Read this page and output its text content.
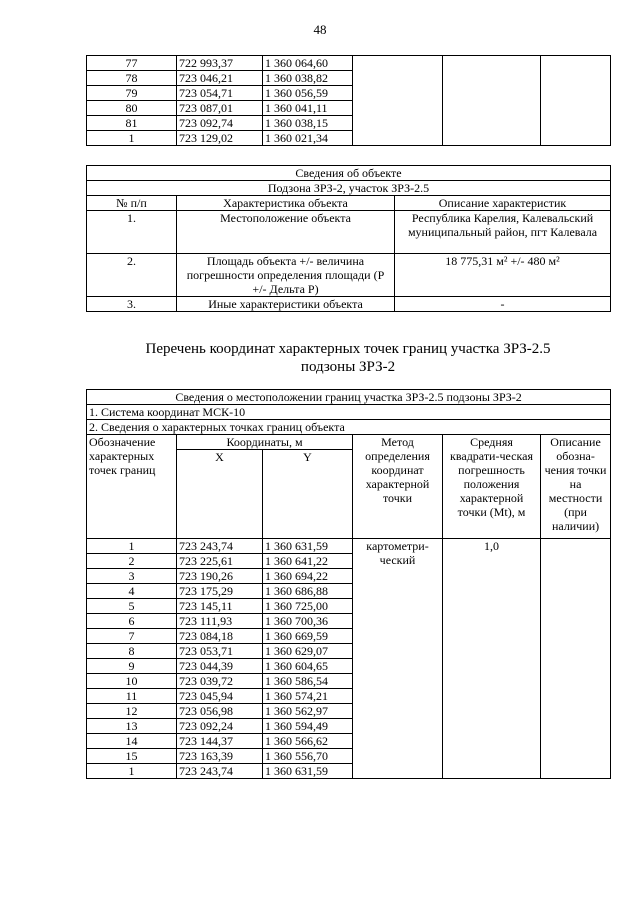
48
77	722 993,37	1 360 064,60			
78	723 046,21	1 360 038,82			
79	723 054,71	1 360 056,59			
80	723 087,01	1 360 041,11			
81	723 092,74	1 360 038,15			
1	723 129,02	1 360 021,34			
Сведения об объекте		
Подзона ЗРЗ-2, участок ЗРЗ-2.5		
№ п/п	Характеристика объекта	Описание характеристик
1.	Местоположение объекта	Республика Карелия, Калевальский муниципальный район, пгт Калевала
2.	Площадь объекта +/- величина погрешности определения площади (Р +/- Дельта Р)	18 775,31 м² +/- 480 м²
3.	Иные характеристики объекта	-
Перечень координат характерных точек границ участка ЗРЗ-2.5
подзоны ЗРЗ-2
Сведения о местоположении границ участка ЗРЗ-2.5 подзоны ЗРЗ-2					
1. Система координат МСК-10					
2. Сведения о характерных точках границ объекта					
Обозначение характерных точек границ	Координаты, м		Метод определения координат характерной точки	Средняя квадрати-ческая погрешность положения характерной точки (Mt), м	Описание обозна-чения точки на местности (при наличии)
	X	Y			
1	723 243,74	1 360 631,59	картометри-ческий	1,0	
2	723 225,61	1 360 641,22			
3	723 190,26	1 360 694,22			
4	723 175,29	1 360 686,88			
5	723 145,11	1 360 725,00			
6	723 111,93	1 360 700,36			
7	723 084,18	1 360 669,59			
8	723 053,71	1 360 629,07			
9	723 044,39	1 360 604,65			
10	723 039,72	1 360 586,54			
11	723 045,94	1 360 574,21			
12	723 056,98	1 360 562,97			
13	723 092,24	1 360 594,49			
14	723 144,37	1 360 566,62			
15	723 163,39	1 360 556,70			
1	723 243,74	1 360 631,59			
